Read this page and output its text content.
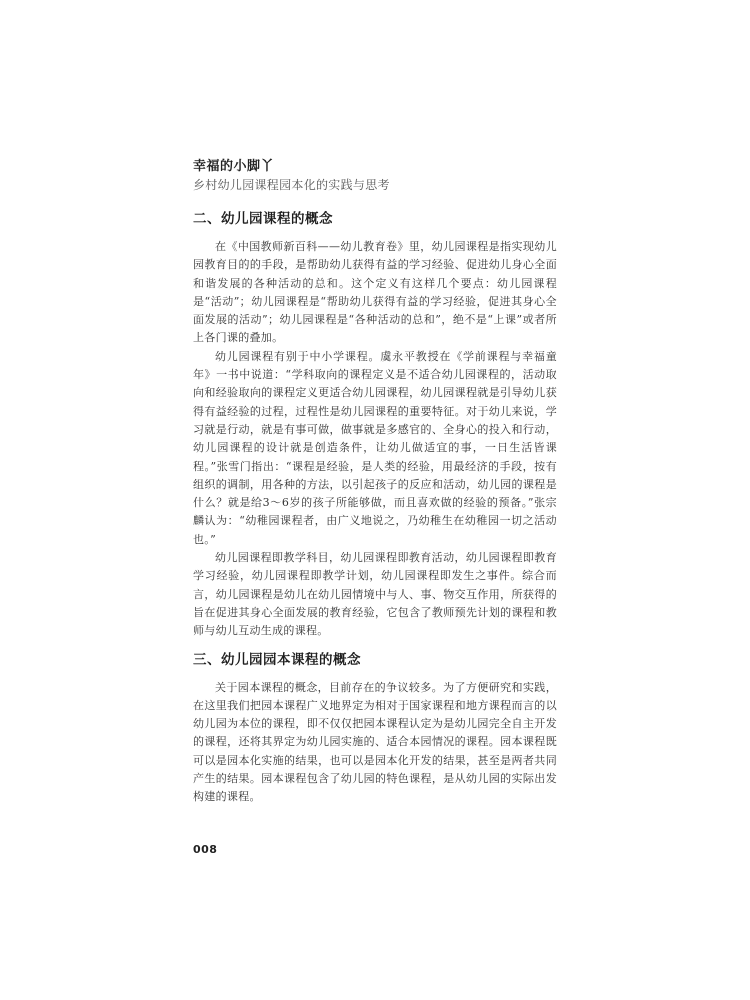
幸福的小脚丫
乡村幼儿园课程园本化的实践与思考
二、幼儿园课程的概念

在《中国教师新百科——幼儿教育卷》里，幼儿园课程是指实现幼儿园教育目的的手段，是帮助幼儿获得有益的学习经验、促进幼儿身心全面和谐发展的各种活动的总和。这个定义有这样几个要点：幼儿园课程是“活动”；幼儿园课程是“帮助幼儿获得有益的学习经验，促进其身心全面发展的活动”；幼儿园课程是“各种活动的总和”，绝不是“上课”或者所上各门课的叠加。

幼儿园课程有别于中小学课程。虞永平教授在《学前课程与幸福童年》一书中说道：“学科取向的课程定义是不适合幼儿园课程的，活动取向和经验取向的课程定义更适合幼儿园课程，幼儿园课程就是引导幼儿获得有益经验的过程，过程性是幼儿园课程的重要特征。对于幼儿来说，学习就是行动，就是有事可做，做事就是多感官的、全身心的投入和行动，幼儿园课程的设计就是创造条件，让幼儿做适宜的事，一日生活皆课程。”张雪门指出：“课程是经验，是人类的经验，用最经济的手段，按有组织的调制，用各种的方法，以引起孩子的反应和活动，幼儿园的课程是什么？就是给3～6岁的孩子所能够做，而且喜欢做的经验的预备。”张宗麟认为：“幼稚园课程者，由广义地说之，乃幼稚生在幼稚园一切之活动也。”

幼儿园课程即教学科目，幼儿园课程即教育活动，幼儿园课程即教育学习经验，幼儿园课程即教学计划，幼儿园课程即发生之事件。综合而言，幼儿园课程是幼儿在幼儿园情境中与人、事、物交互作用，所获得的旨在促进其身心全面发展的教育经验，它包含了教师预先计划的课程和教师与幼儿互动生成的课程。

三、幼儿园园本课程的概念

关于园本课程的概念，目前存在的争议较多。为了方便研究和实践，在这里我们把园本课程广义地界定为相对于国家课程和地方课程而言的以幼儿园为本位的课程，即不仅仅把园本课程认定为是幼儿园完全自主开发的课程，还将其界定为幼儿园实施的、适合本园情况的课程。园本课程既可以是园本化实施的结果，也可以是园本化开发的结果，甚至是两者共同产生的结果。园本课程包含了幼儿园的特色课程，是从幼儿园的实际出发构建的课程。

008
